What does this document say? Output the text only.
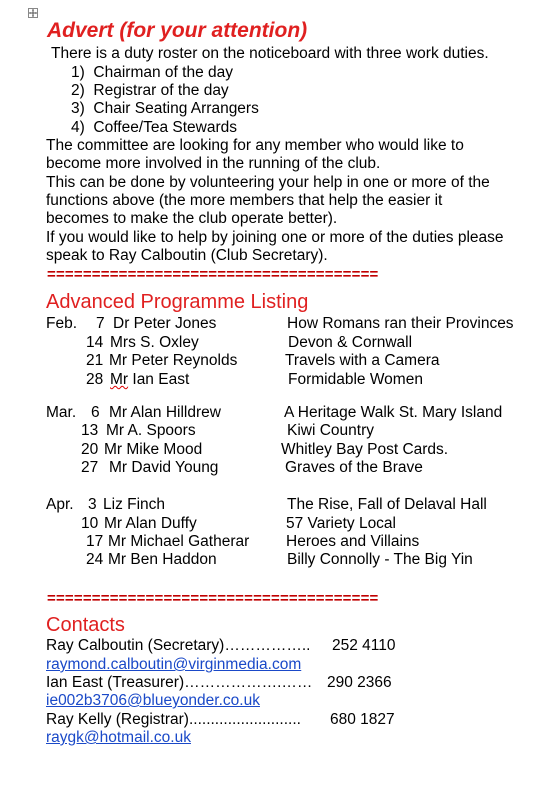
Advert (for your attention)
There is a duty roster on the noticeboard with three work duties.
1) Chairman of the day
2) Registrar of the day
3) Chair Seating Arrangers
4) Coffee/Tea Stewards
The committee are looking for any member who would like to
become more involved in the running of the club.
This can be done by volunteering your help in one or more of the
functions above (the more members that help the easier it
becomes to make the club operate better).
If you would like to help by joining one or more of the duties please
speak to Ray Calboutin (Club Secretary).
=====================================
Advanced Programme Listing
Feb. 7 Dr Peter Jones	How Romans ran their Provinces
14 Mrs S. Oxley	Devon & Cornwall
21 Mr Peter Reynolds	Travels with a Camera
28 Mr Ian East	Formidable Women
Mar. 6 Mr Alan Hilldrew	A Heritage Walk St. Mary Island
13 Mr A. Spoors	Kiwi Country
20 Mr Mike Mood	Whitley Bay Post Cards.
27 Mr David Young	Graves of the Brave
Apr. 3 Liz Finch	The Rise, Fall of Delaval Hall
10 Mr Alan Duffy	57 Variety Local
17 Mr Michael Gatherar Heroes and Villains
24 Mr Ben Haddon	Billy Connolly - The Big Yin
=====================================
Contacts
Ray Calboutin (Secretary)…………….. 252 4110
raymond.calboutin@virginmedia.com
Ian East (Treasurer)……………….…… 290 2366
ie002b3706@blueyonder.co.uk
Ray Kelly (Registrar).......................... 680 1827
raygk@hotmail.co.uk
